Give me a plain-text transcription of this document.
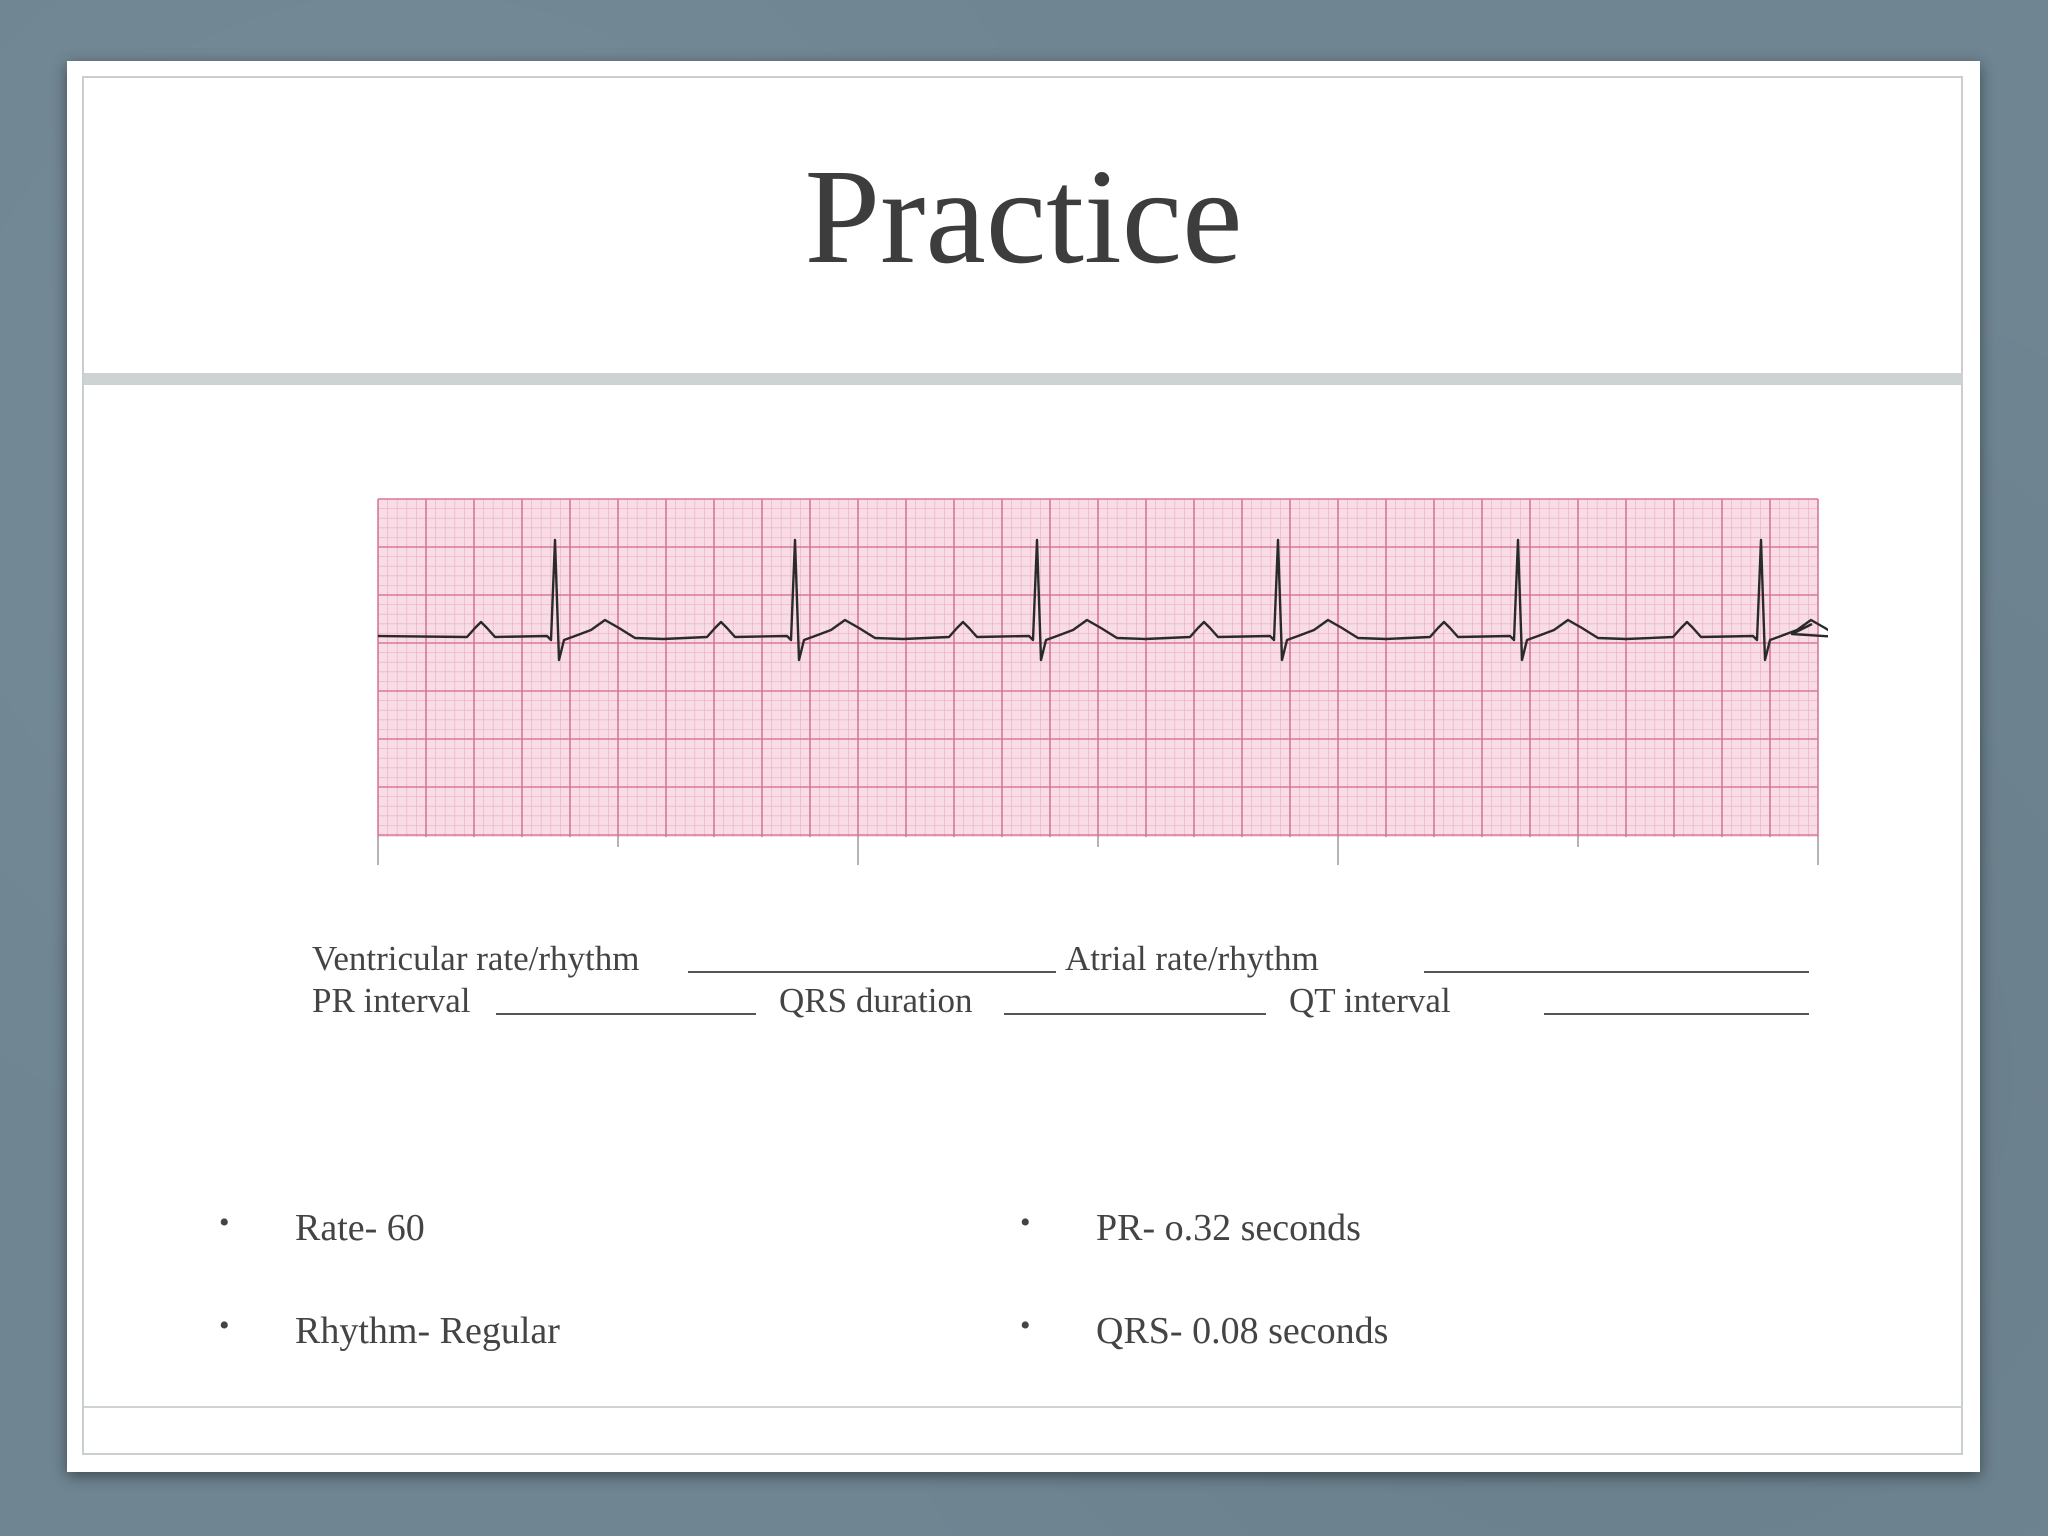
Practice
Ventricular rate/rhythm	Atrial rate/rhythm
PR interval	QRS duration	QT interval
• Rate- 60
• Rhythm- Regular
• PR- o.32 seconds
• QRS- 0.08 seconds
